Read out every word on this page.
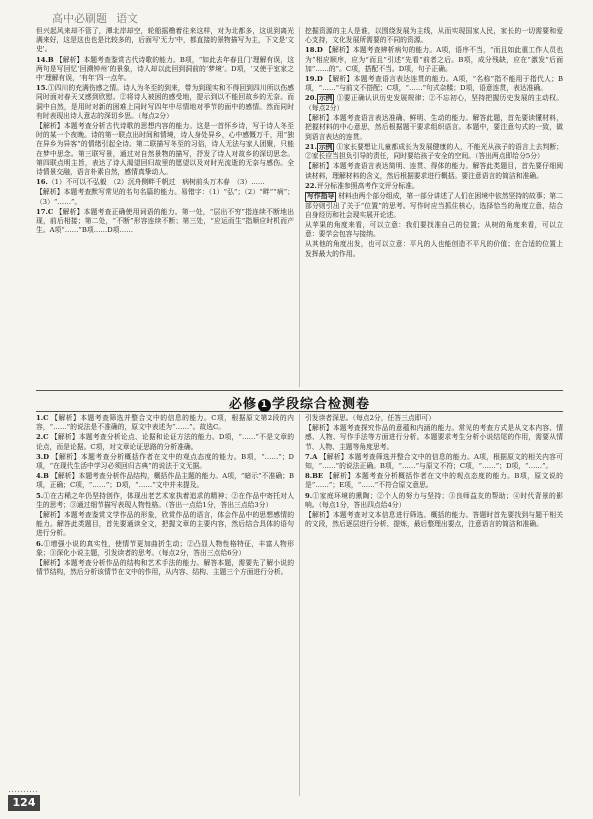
高中必刷题 语文

但兴起风来却不管了，潭北岸却空，轮船摇橹着往来这样，对为北都多，这说到离光满来好，这是这也也是比较多的，后面写'无力'中，都直接的景物描写为主，下文是'文史'。

14.B 【解析】本题考查鉴赏古代诗歌的能力。B项，“如此去年春且门‘理解有误，这两句是写回忆‘回溯钟州’的景象，诗人却以此回到洞前的‘梦境’。D项，‘又使于室家之中’理解有误，‘有年’四一点年。

15.①四川的充满伤感之情。诗人为冬至的到来，带为到现实和不得回到四川所以伤感同时面对春天又感到欣慰。②将诗人被困的感受地，提示到以不能回故乡的无奈。而洞中自然，是用时对新的困难上同时写四年中尽情地对季节的面中的感情。然而同时有时表现出诗人意志的深切乡思。（每点2分）

【解析】本题考查分析古代诗歌的思想内容的能力。这是一首怀乡诗，写于诗人冬至时的某一个夜晚。诗的第一联点出时间和情境，诗人身处异乡，心中感慨万千，用“独在异乡为异客”的情绪引起全诗。第二联描写冬至的习俗，诗人无法与家人团聚，只能在梦中思念。第三联写景，通过对自然景物的描写，抒发了诗人对故乡的深切思念。第四联点明主旨，表达了诗人渴望回归故里的愿望以及对时光流逝的无奈与感伤。全诗情景交融，语言朴素自然，感情真挚动人。

16.（1）不可以不弘毅　（2）沉舟侧畔千帆过　病树前头万木春　（3）……

【解析】本题考查默写常见的名句名篇的能力。易错字：（1）“弘”；（2）“畔”“病”；（3）“……”。

17.C 【解析】本题考查正确使用词语的能力。第一处，“层出不穷”指连续不断地出现，前后相接；第二处，“不断”形容连续不断；第三处，“应运而生”指顺应时机而产生。A项“……”B项……D项……

挖掘资源的主人是谁，以围绕发展为主线，从而实现国家人民，家长的一切需要和爱心支持，文化发展所需要的不同的资源。

18.D 【解析】本题考查辨析病句的能力。A项，语序不当，“而且如此重工作人员也为”相应顺序，应为“而且”引述“先看”前者之后。B项，成分残缺，应在“激发”后面加“……的”。C项，搭配不当。D项，句子正确。

19.D 【解析】本题考查语言表达连贯的能力。A项，“名称”指不能用于指代人；B项，“……”与前文不搭配；C项，“……”句式杂糅；D项，语意连贯，表达准确。

20. 示例 ①要正确认识历史发展规律；②不忘初心，坚持把握历史发展的主动权。（每点2分）

【解析】本题考查语言表达准确、鲜明、生动的能力。解答此题，首先要读懂材料，把握材料的中心意思，然后根据题干要求组织语言。本题中，要注意句式的一致，做到语言表达的连贯。

21. 示例 ①家长要想让儿童都成长为发展健康的人，不能光从孩子的语言上去判断；②家长应当担负引导的责任，同时要给孩子安全的空间。（答出两点即给分5分）

【解析】本题考查语言表达简明、连贯、得体的能力。解答此类题目，首先要仔细阅读材料，理解材料的含义，然后根据要求进行概括。要注意语言的简洁和准确。

22.评分标准参照高考作文评分标准。

写作指导 材料由两个部分组成，第一部分讲述了人们在困境中依然坚持的故事；第二部分则引出了关于“位置”的思考。写作时应当抓住核心，选择恰当的角度立意，结合自身经历和社会现实展开论述。

从苹果的角度来看，可以立意：我们要找准自己的位置；从树的角度来看，可以立意：要学会包容与接纳。

从其他的角度出发，也可以立意：平凡的人也能创造不平凡的价值；在合适的位置上发挥最大的作用。

必修 1 学段综合检测卷

1.C 【解析】本题考查筛选并整合文中的信息的能力。C项，根据原文第2段的内容，“……”的说法是不准确的，原文中表述为“……”。故选C。

2.C 【解析】本题考查分析论点、论据和论证方法的能力。D项，“……”不是文章的论点，而是论据。C项，对文章论证思路的分析准确。

3.D 【解析】本题考查分析概括作者在文中的观点态度的能力。B项，“……”；D项，“在现代生活中学习必须回归古典”的说法于文无据。

4.B 【解析】本题考查分析作品结构，概括作品主题的能力。A项，“暗示”不准确；B项，正确；C项，“……”；D项，“……”文中并未提及。

5.①在古稀之年仍坚持创作，体现出老艺术家执着追求的精神；②在作品中寄托对人生的思考；③通过细节描写表现人物性格。（答出一点给1分，答出三点给3分）

【解析】本题考查鉴赏文学作品的形象，欣赏作品的语言，体会作品中的思想感情的能力。解答此类题目，首先要通读全文，把握文章的主要内容，然后结合具体的语句进行分析。

6.①增强小说的真实性，使情节更加曲折生动；②凸显人物性格特征，丰富人物形象；③深化小说主题，引发读者的思考。（每点2分，答出三点给6分）

【解析】本题考查分析作品的结构和艺术手法的能力。解答本题，需要先了解小说的情节结构，然后分析该情节在文中的作用，从内容、结构、主题三个方面进行分析。

引发读者深思。（每点2分，任答三点即可）

【解析】本题考查探究作品的意蕴和内涵的能力。常见的考查方式是从文本内容、情感、人物、写作手法等方面进行分析。本题要求考生分析小说结尾的作用，需要从情节、人物、主题等角度思考。

7.A 【解析】本题考查筛选并整合文中的信息的能力。A项，根据原文的相关内容可知，“……”的说法正确。B项，“……”与原文不符；C项，“……”；D项，“……”。

8.BE 【解析】本题考查分析概括作者在文中的观点态度的能力。B项，原文说的是“……”；E项，“……”不符合原文意思。

9.①家庭环境的熏陶；②个人的努力与坚持；③良师益友的帮助；④时代背景的影响。（每点1分，答出四点给4分）

【解析】本题考查对文本信息进行筛选、概括的能力。答题时首先要找到与题干相关的文段，然后逐层进行分析、提炼，最后整理出要点，注意语言的简洁和准确。

124
